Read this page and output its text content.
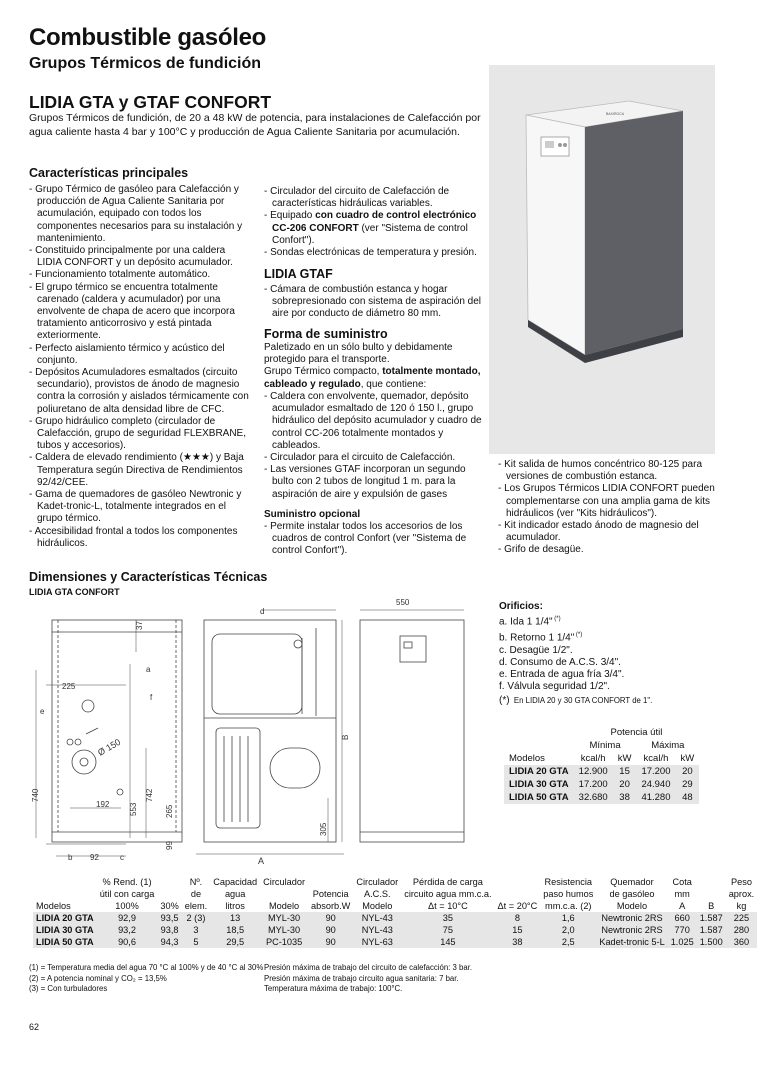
Combustible gasóleo
Grupos Térmicos de fundición
LIDIA GTA y GTAF CONFORT
Grupos Térmicos de fundición, de 20 a 48 kW de potencia, para instalaciones de Calefacción por agua caliente hasta 4 bar y 100°C y producción de Agua Caliente Sanitaria por acumulación.
BAXIROCA
Características principales
- Grupo Térmico de gasóleo para Calefacción y producción de Agua Caliente Sanitaria por acumulación, equipado con todos los componentes necesarios para su instalación y mantenimiento.
- Constituido principalmente por una caldera LIDIA CONFORT y un depósito acumulador.
- Funcionamiento totalmente automático.
- El grupo térmico se encuentra totalmente carenado (caldera y acumulador) por una envolvente de chapa de acero que incorpora tratamiento anticorrosivo y está pintada exteriormente.
- Perfecto aislamiento térmico y acústico del conjunto.
- Depósitos Acumuladores esmaltados (circuito secundario), provistos de ánodo de magnesio contra la corrosión y aislados térmicamente con poliuretano de alta densidad libre de CFC.
- Grupo hidráulico completo (circulador de Calefacción, grupo de seguridad FLEXBRANE, tubos y accesorios).
- Caldera de elevado rendimiento (★★★) y Baja Temperatura según Directiva de Rendimientos 92/42/CEE.
- Gama de quemadores de gasóleo Newtronic y Kadet-tronic-L, totalmente integrados en el grupo térmico.
- Accesibilidad frontal a todos los componentes hidráulicos.
- Circulador del circuito de Calefacción de características hidráulicas variables.
- Equipado con cuadro de control electrónico CC-206 CONFORT (ver "Sistema de control Confort").
- Sondas electrónicas de temperatura y presión.
LIDIA GTAF
- Cámara de combustión estanca y hogar sobrepresionado con sistema de aspiración del aire por conducto de diámetro 80 mm.
Forma de suministro
Paletizado en un sólo bulto y debidamente protegido para el transporte.
Grupo Térmico compacto, totalmente montado, cableado y regulado, que contiene:
- Caldera con envolvente, quemador, depósito acumulador esmaltado de 120 ó 150 l., grupo hidráulico del depósito acumulador y cuadro de control CC-206 totalmente montados y cableados.
- Circulador para el circuito de Calefacción.
- Las versiones GTAF incorporan un segundo bulto con 2 tubos de longitud 1 m. para la aspiración de aire y expulsión de gases
Suministro opcional
- Permite instalar todos los accesorios de los cuadros de control Confort (ver "Sistema de control Confort").
- Kit salida de humos concéntrico 80-125 para versiones de combustión estanca.
- Los Grupos Térmicos LIDIA CONFORT pueden complementarse con una amplia gama de kits hidráulicos (ver "Kits hidráulicos").
- Kit indicador estado ánodo de magnesio del acumulador.
- Grifo de desagüe.
Dimensiones y Características Técnicas
LIDIA GTA CONFORT
37
a
225
f
e
Ø 150
740
192 553
742
265
99
b 92	c
d
A
305
B
550	Orificios:
a. Ida 1 1/4" (*)
b. Retorno 1 1/4" (*)
c. Desagüe 1/2".
d. Consumo de A.C.S. 3/4".
e. Entrada de agua fría 3/4".
f. Válvula seguridad 1/2".
(*) En LIDIA 20 y 30 GTA CONFORT de 1".
	Potencia útil			
	Mínima		Máxima	
Modelos	kcal/h	kW	kcal/h	kW
LIDIA 20 GTA	12.900	15	17.200	20
LIDIA 30 GTA	17.200	20	24.940	29
LIDIA 50 GTA	32.680	38	41.280	48
	% Rend. (1)		Nº.	Capacidad	Circulador		Circulador	Pérdida de carga		Resistencia	Quemador	Cota		Peso
	útil con carga		de	agua		Potencia	A.C.S.	circuito agua mm.c.a.		paso humos	de gasóleo	mm		aprox.
Modelos	100%	30%	elem.	litros	Modelo	absorb.W	Modelo	Δt = 10°C	Δt = 20°C	mm.c.a. (2)	Modelo	A	B	kg
LIDIA 20 GTA	92,9	93,5	2 (3)	13	MYL-30	90	NYL-43	35	8	1,6	Newtronic 2RS	660	1.587	225
LIDIA 30 GTA	93,2	93,8	3	18,5	MYL-30	90	NYL-43	75	15	2,0	Newtronic 2RS	770	1.587	280
LIDIA 50 GTA	90,6	94,3	5	29,5	PC-1035	90	NYL-63	145	38	2,5	Kadet-tronic 5-L	1.025	1.500	360
(1) = Temperatura media del agua 70 °C al 100% y de 40 °C al 30%
(2) = A potencia nominal y CO₂ = 13,5%
(3) = Con turbuladores
Presión máxima de trabajo del circuito de calefacción: 3 bar.
Presión máxima de trabajo circuito agua sanitaria: 7 bar.
Temperatura máxima de trabajo: 100°C.
62
